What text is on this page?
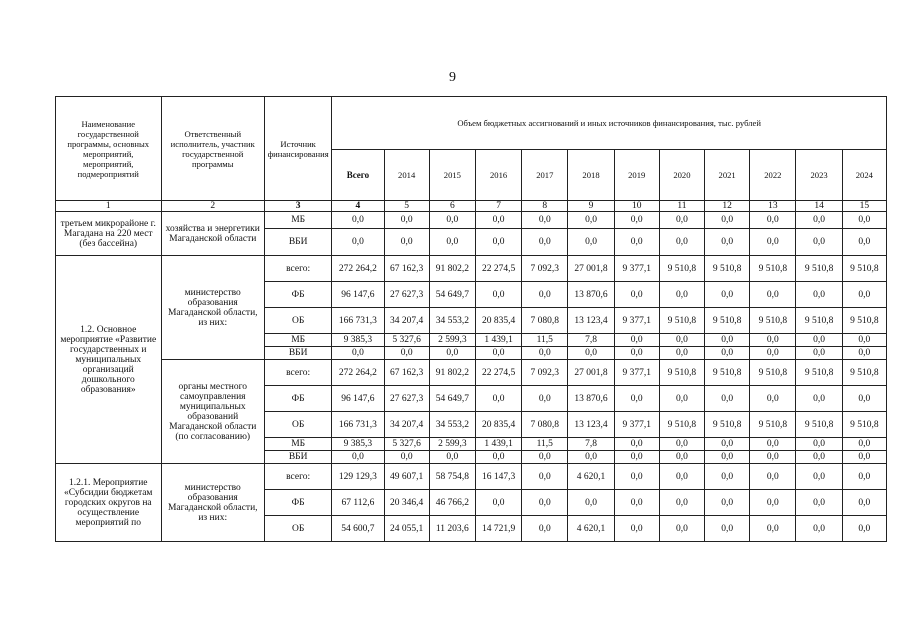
9
Наименование государственной программы, основных мероприятий, мероприятий, подмероприятий	Ответственный исполнитель, участник государственной программы	Источник финансирования	Объем бюджетных ассигнований и иных источников финансирования, тыс. рублей											
			Всего	2014	2015	2016	2017	2018	2019	2020	2021	2022	2023	2024
1	2	3	4	5	6	7	8	9	10	11	12	13	14	15
третьем микрорайоне г. Магадана на 220 мест (без бассейна)	хозяйства и энергетики Магаданской области	МБ	0,0	0,0	0,0	0,0	0,0	0,0	0,0	0,0	0,0	0,0	0,0	0,0
		ВБИ	0,0	0,0	0,0	0,0	0,0	0,0	0,0	0,0	0,0	0,0	0,0	0,0
1.2. Основное мероприятие «Развитие государственных и муниципальных организаций дошкольного образования»	министерство образования Магаданской области, из них:	всего:	272 264,2	67 162,3	91 802,2	22 274,5	7 092,3	27 001,8	9 377,1	9 510,8	9 510,8	9 510,8	9 510,8	9 510,8
		ФБ	96 147,6	27 627,3	54 649,7	0,0	0,0	13 870,6	0,0	0,0	0,0	0,0	0,0	0,0
		ОБ	166 731,3	34 207,4	34 553,2	20 835,4	7 080,8	13 123,4	9 377,1	9 510,8	9 510,8	9 510,8	9 510,8	9 510,8
		МБ	9 385,3	5 327,6	2 599,3	1 439,1	11,5	7,8	0,0	0,0	0,0	0,0	0,0	0,0
		ВБИ	0,0	0,0	0,0	0,0	0,0	0,0	0,0	0,0	0,0	0,0	0,0	0,0
	органы местного самоуправления муниципальных образований Магаданской области (по согласованию)	всего:	272 264,2	67 162,3	91 802,2	22 274,5	7 092,3	27 001,8	9 377,1	9 510,8	9 510,8	9 510,8	9 510,8	9 510,8
		ФБ	96 147,6	27 627,3	54 649,7	0,0	0,0	13 870,6	0,0	0,0	0,0	0,0	0,0	0,0
		ОБ	166 731,3	34 207,4	34 553,2	20 835,4	7 080,8	13 123,4	9 377,1	9 510,8	9 510,8	9 510,8	9 510,8	9 510,8
		МБ	9 385,3	5 327,6	2 599,3	1 439,1	11,5	7,8	0,0	0,0	0,0	0,0	0,0	0,0
		ВБИ	0,0	0,0	0,0	0,0	0,0	0,0	0,0	0,0	0,0	0,0	0,0	0,0
1.2.1. Мероприятие «Субсидии бюджетам городских округов на осуществление мероприятий по	министерство образования Магаданской области, из них:	всего:	129 129,3	49 607,1	58 754,8	16 147,3	0,0	4 620,1	0,0	0,0	0,0	0,0	0,0	0,0
		ФБ	67 112,6	20 346,4	46 766,2	0,0	0,0	0,0	0,0	0,0	0,0	0,0	0,0	0,0
		ОБ	54 600,7	24 055,1	11 203,6	14 721,9	0,0	4 620,1	0,0	0,0	0,0	0,0	0,0	0,0
